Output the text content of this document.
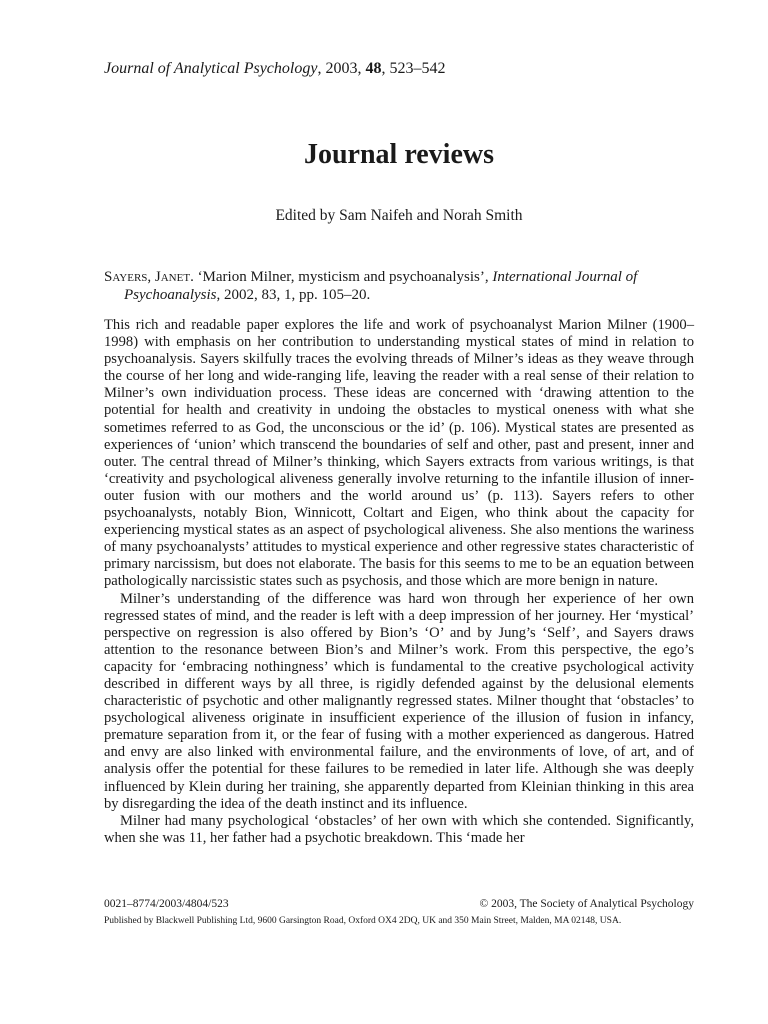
Journal of Analytical Psychology, 2003, 48, 523–542
Journal reviews
Edited by Sam Naifeh and Norah Smith
Sayers, Janet. ‘Marion Milner, mysticism and psychoanalysis’, International Journal of Psychoanalysis, 2002, 83, 1, pp. 105–20.

This rich and readable paper explores the life and work of psychoanalyst Marion Milner (1900–1998) with emphasis on her contribution to understanding mystical states of mind in relation to psychoanalysis. Sayers skilfully traces the evolving threads of Milner’s ideas as they weave through the course of her long and wide-ranging life, leaving the reader with a real sense of their relation to Milner’s own individuation process. These ideas are concerned with ‘drawing attention to the potential for health and creativity in undoing the obstacles to mystical oneness with what she sometimes referred to as God, the unconscious or the id’ (p. 106). Mystical states are presented as experiences of ‘union’ which transcend the boundaries of self and other, past and present, inner and outer. The central thread of Milner’s thinking, which Sayers extracts from various writings, is that ‘creativity and psychological aliveness generally involve returning to the infantile illusion of inner-outer fusion with our mothers and the world around us’ (p. 113). Sayers refers to other psychoanalysts, notably Bion, Winnicott, Coltart and Eigen, who think about the capacity for experiencing mystical states as an aspect of psychological aliveness. She also mentions the wariness of many psychoanalysts’ attitudes to mystical experience and other regressive states characteristic of primary narcissism, but does not elaborate. The basis for this seems to me to be an equation between pathologically narcissistic states such as psychosis, and those which are more benign in nature.

Milner’s understanding of the difference was hard won through her experience of her own regressed states of mind, and the reader is left with a deep impression of her journey. Her ‘mystical’ perspective on regression is also offered by Bion’s ‘O’ and by Jung’s ‘Self’, and Sayers draws attention to the resonance between Bion’s and Milner’s work. From this perspective, the ego’s capacity for ‘embracing nothingness’ which is fundamental to the creative psychological activity described in different ways by all three, is rigidly defended against by the delusional elements characteristic of psychotic and other malignantly regressed states. Milner thought that ‘obstacles’ to psychological aliveness originate in insufficient experience of the illusion of fusion in infancy, premature separation from it, or the fear of fusing with a mother experienced as dangerous. Hatred and envy are also linked with environmental failure, and the environments of love, of art, and of analysis offer the potential for these failures to be remedied in later life. Although she was deeply influenced by Klein during her training, she apparently departed from Kleinian thinking in this area by disregarding the idea of the death instinct and its influence.

Milner had many psychological ‘obstacles’ of her own with which she contended. Significantly, when she was 11, her father had a psychotic breakdown. This ‘made her

0021–8774/2003/4804/523	© 2003, The Society of Analytical Psychology
Published by Blackwell Publishing Ltd, 9600 Garsington Road, Oxford OX4 2DQ, UK and 350 Main Street, Malden, MA 02148, USA.
